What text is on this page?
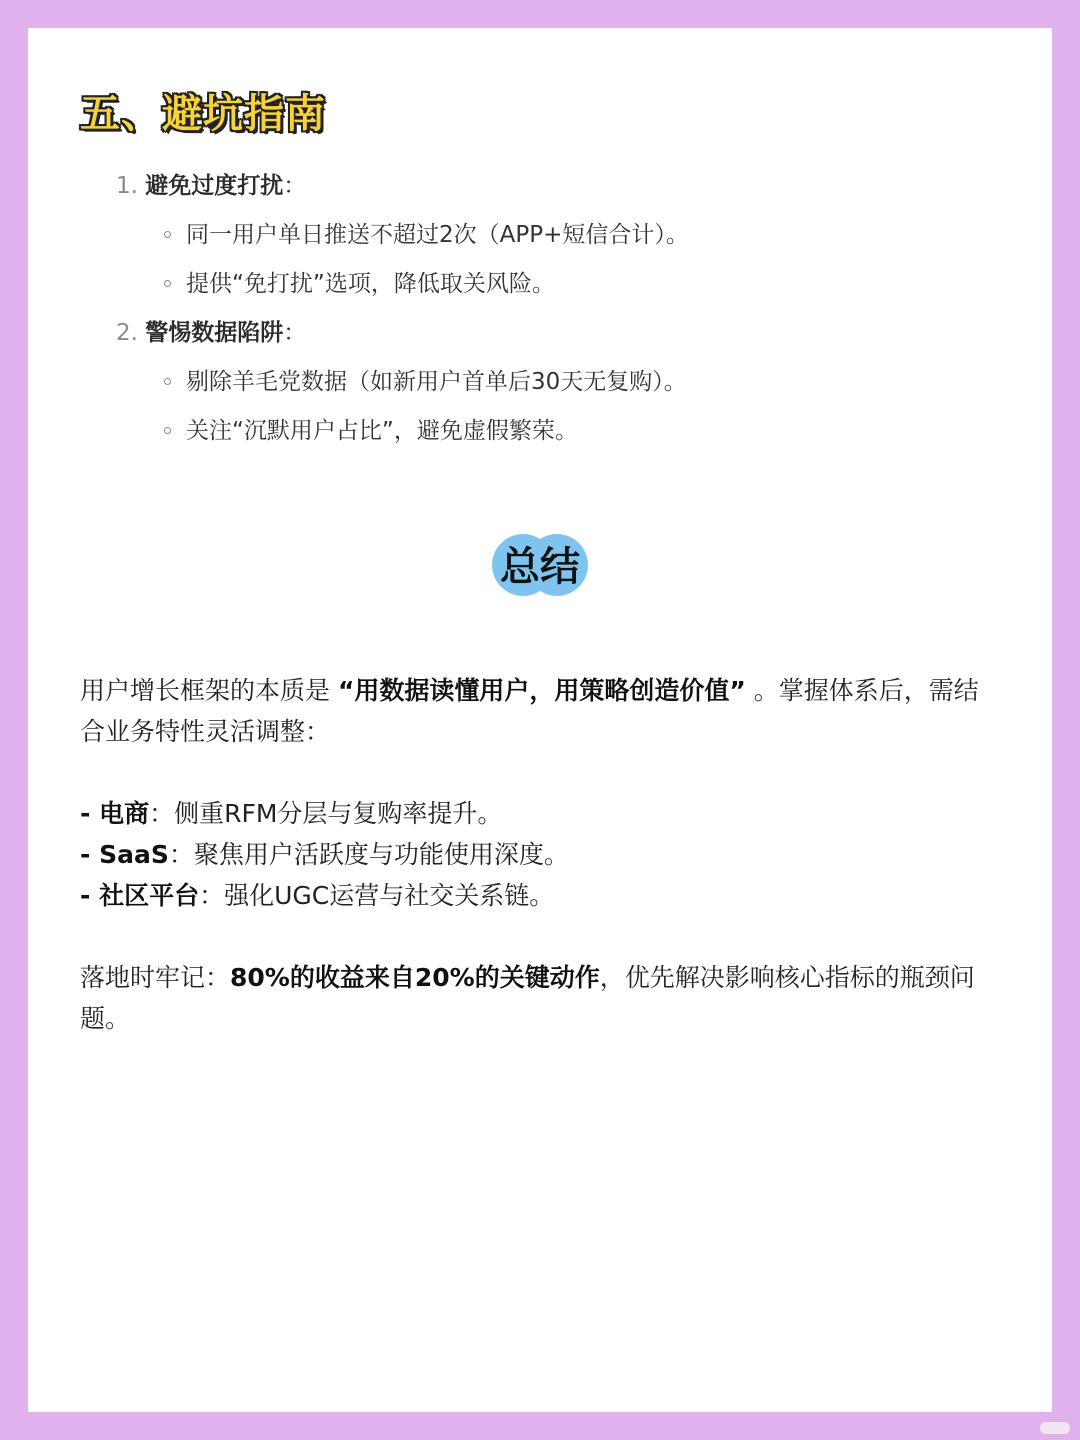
五、避坑指南
1. 避免过度打扰：
同一用户单日推送不超过2次（APP+短信合计）。
提供“免打扰”选项，降低取关风险。
2. 警惕数据陷阱：
剔除羊毛党数据（如新用户首单后30天无复购）。
关注“沉默用户占比”，避免虚假繁荣。
总结

用户增长框架的本质是 “用数据读懂用户，用策略创造价值” 。掌握体系后，需结合业务特性灵活调整：

- 电商：侧重RFM分层与复购率提升。

- SaaS：聚焦用户活跃度与功能使用深度。

- 社区平台：强化UGC运营与社交关系链。

落地时牢记：80%的收益来自20%的关键动作，优先解决影响核心指标的瓶颈问题。
